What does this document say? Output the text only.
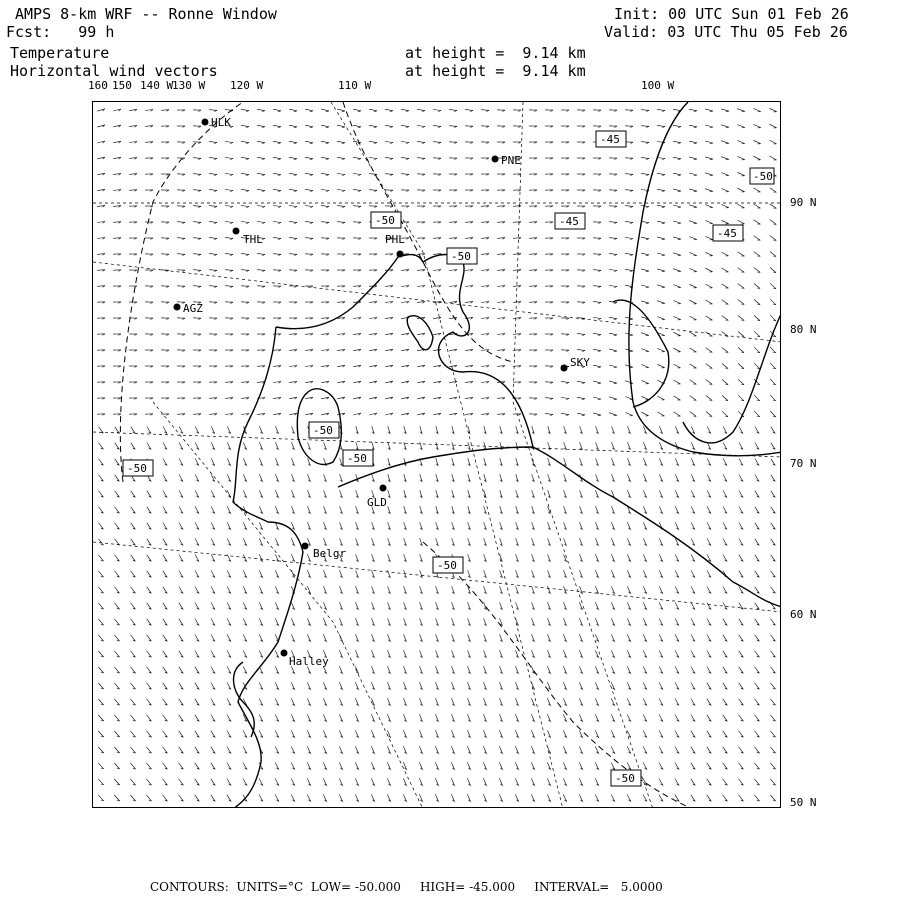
AMPS 8-km WRF -- Ronne Window
Fcst:   99 h
Init: 00 UTC Sun 01 Feb 26
Valid: 03 UTC Thu 05 Feb 26
Temperature
Horizontal wind vectors
at height =  9.14 km
at height =  9.14 km
160 150 140 W
130 W 120 W	110 W	100 W
90 N
80 N
70 N
60 N
50 N
HLK
PNE
THL	PHL
AGZ
SKY
GLD
Belgr
Halley
-45
-50
-45
-45
-50
-50
-50
-50
-50
-50
-50
CONTOURS:  UNITS=°C  LOW= -50.000     HIGH= -45.000     INTERVAL=   5.0000
